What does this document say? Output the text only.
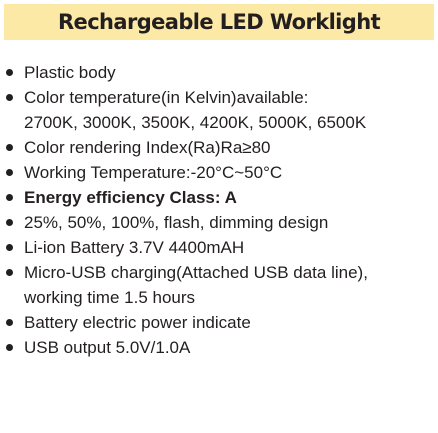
Rechargeable LED Worklight
Plastic body
Color temperature(in Kelvin)available:
2700K, 3000K, 3500K, 4200K, 5000K, 6500K
Color rendering Index(Ra)Ra≥80
Working Temperature:-20°C~50°C
Energy efficiency Class: A
25%, 50%, 100%, flash, dimming design
Li-ion Battery 3.7V 4400mAH
Micro-USB charging(Attached USB data line),
working time 1.5 hours
Battery electric power indicate
USB output 5.0V/1.0A
